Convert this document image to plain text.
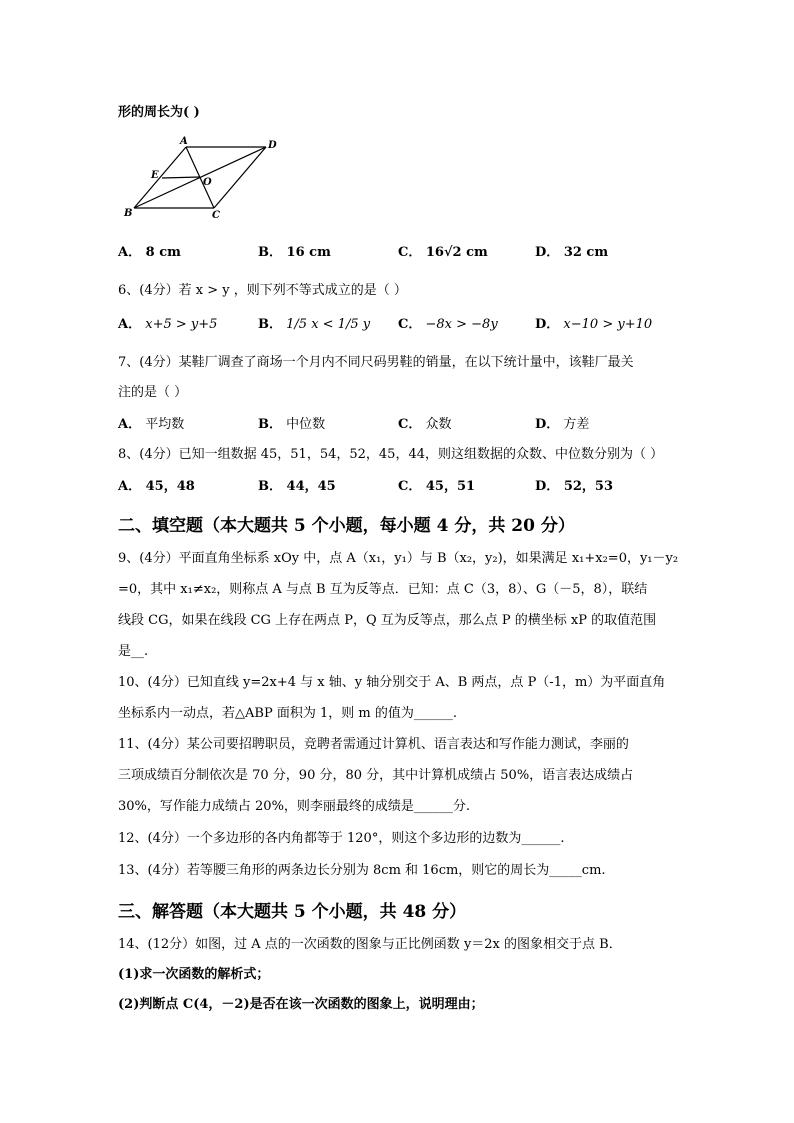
形的周长为( )
A	D
E
O
B	C
A． 8 cm	B． 16 cm	C． 16√2 cm	D． 32 cm
6、(4分）若 x > y ，则下列不等式成立的是（ ）
A． x+5 > y+5	B． 1/5 x < 1/5 y C． −8x > −8y	D． x−10 > y+10
7、(4分）某鞋厂调查了商场一个月内不同尺码男鞋的销量，在以下统计量中，该鞋厂最关
注的是（ ）
A． 平均数	B． 中位数	C． 众数	D． 方差
8、(4分）已知一组数据 45，51，54，52，45，44，则这组数据的众数、中位数分别为（ ）
A． 45，48	B． 44，45	C． 45，51	D． 52，53
二、填空题（本大题共 5 个小题，每小题 4 分，共 20 分）
9、(4分）平面直角坐标系 xOy 中，点 A（x₁，y₁）与 B（x₂，y₂)，如果满足 x₁+x₂=0，y₁－y₂
=0，其中 x₁≠x₂，则称点 A 与点 B 互为反等点．已知：点 C（3，8）、G（－5，8），联结
线段 CG，如果在线段 CG 上存在两点 P，Q 互为反等点，那么点 P 的横坐标 xP 的取值范围
是__.
10、(4分）已知直线 y=2x+4 与 x 轴、y 轴分别交于 A、B 两点，点 P（-1，m）为平面直角
坐标系内一动点，若△ABP 面积为 1，则 m 的值为______.
11、(4分）某公司要招聘职员，竞聘者需通过计算机、语言表达和写作能力测试，李丽的
三项成绩百分制依次是 70 分，90 分，80 分，其中计算机成绩占 50%，语言表达成绩占
30%，写作能力成绩占 20%，则李丽最终的成绩是______分.
12、(4分）一个多边形的各内角都等于 120°，则这个多边形的边数为______.
13、(4分）若等腰三角形的两条边长分别为 8cm 和 16cm，则它的周长为_____cm.
三、解答题（本大题共 5 个小题，共 48 分）
14、(12分）如图，过 A 点的一次函数的图象与正比例函数 y＝2x 的图象相交于点 B．
(1)求一次函数的解析式；
(2)判断点 C(4，－2)是否在该一次函数的图象上，说明理由；
